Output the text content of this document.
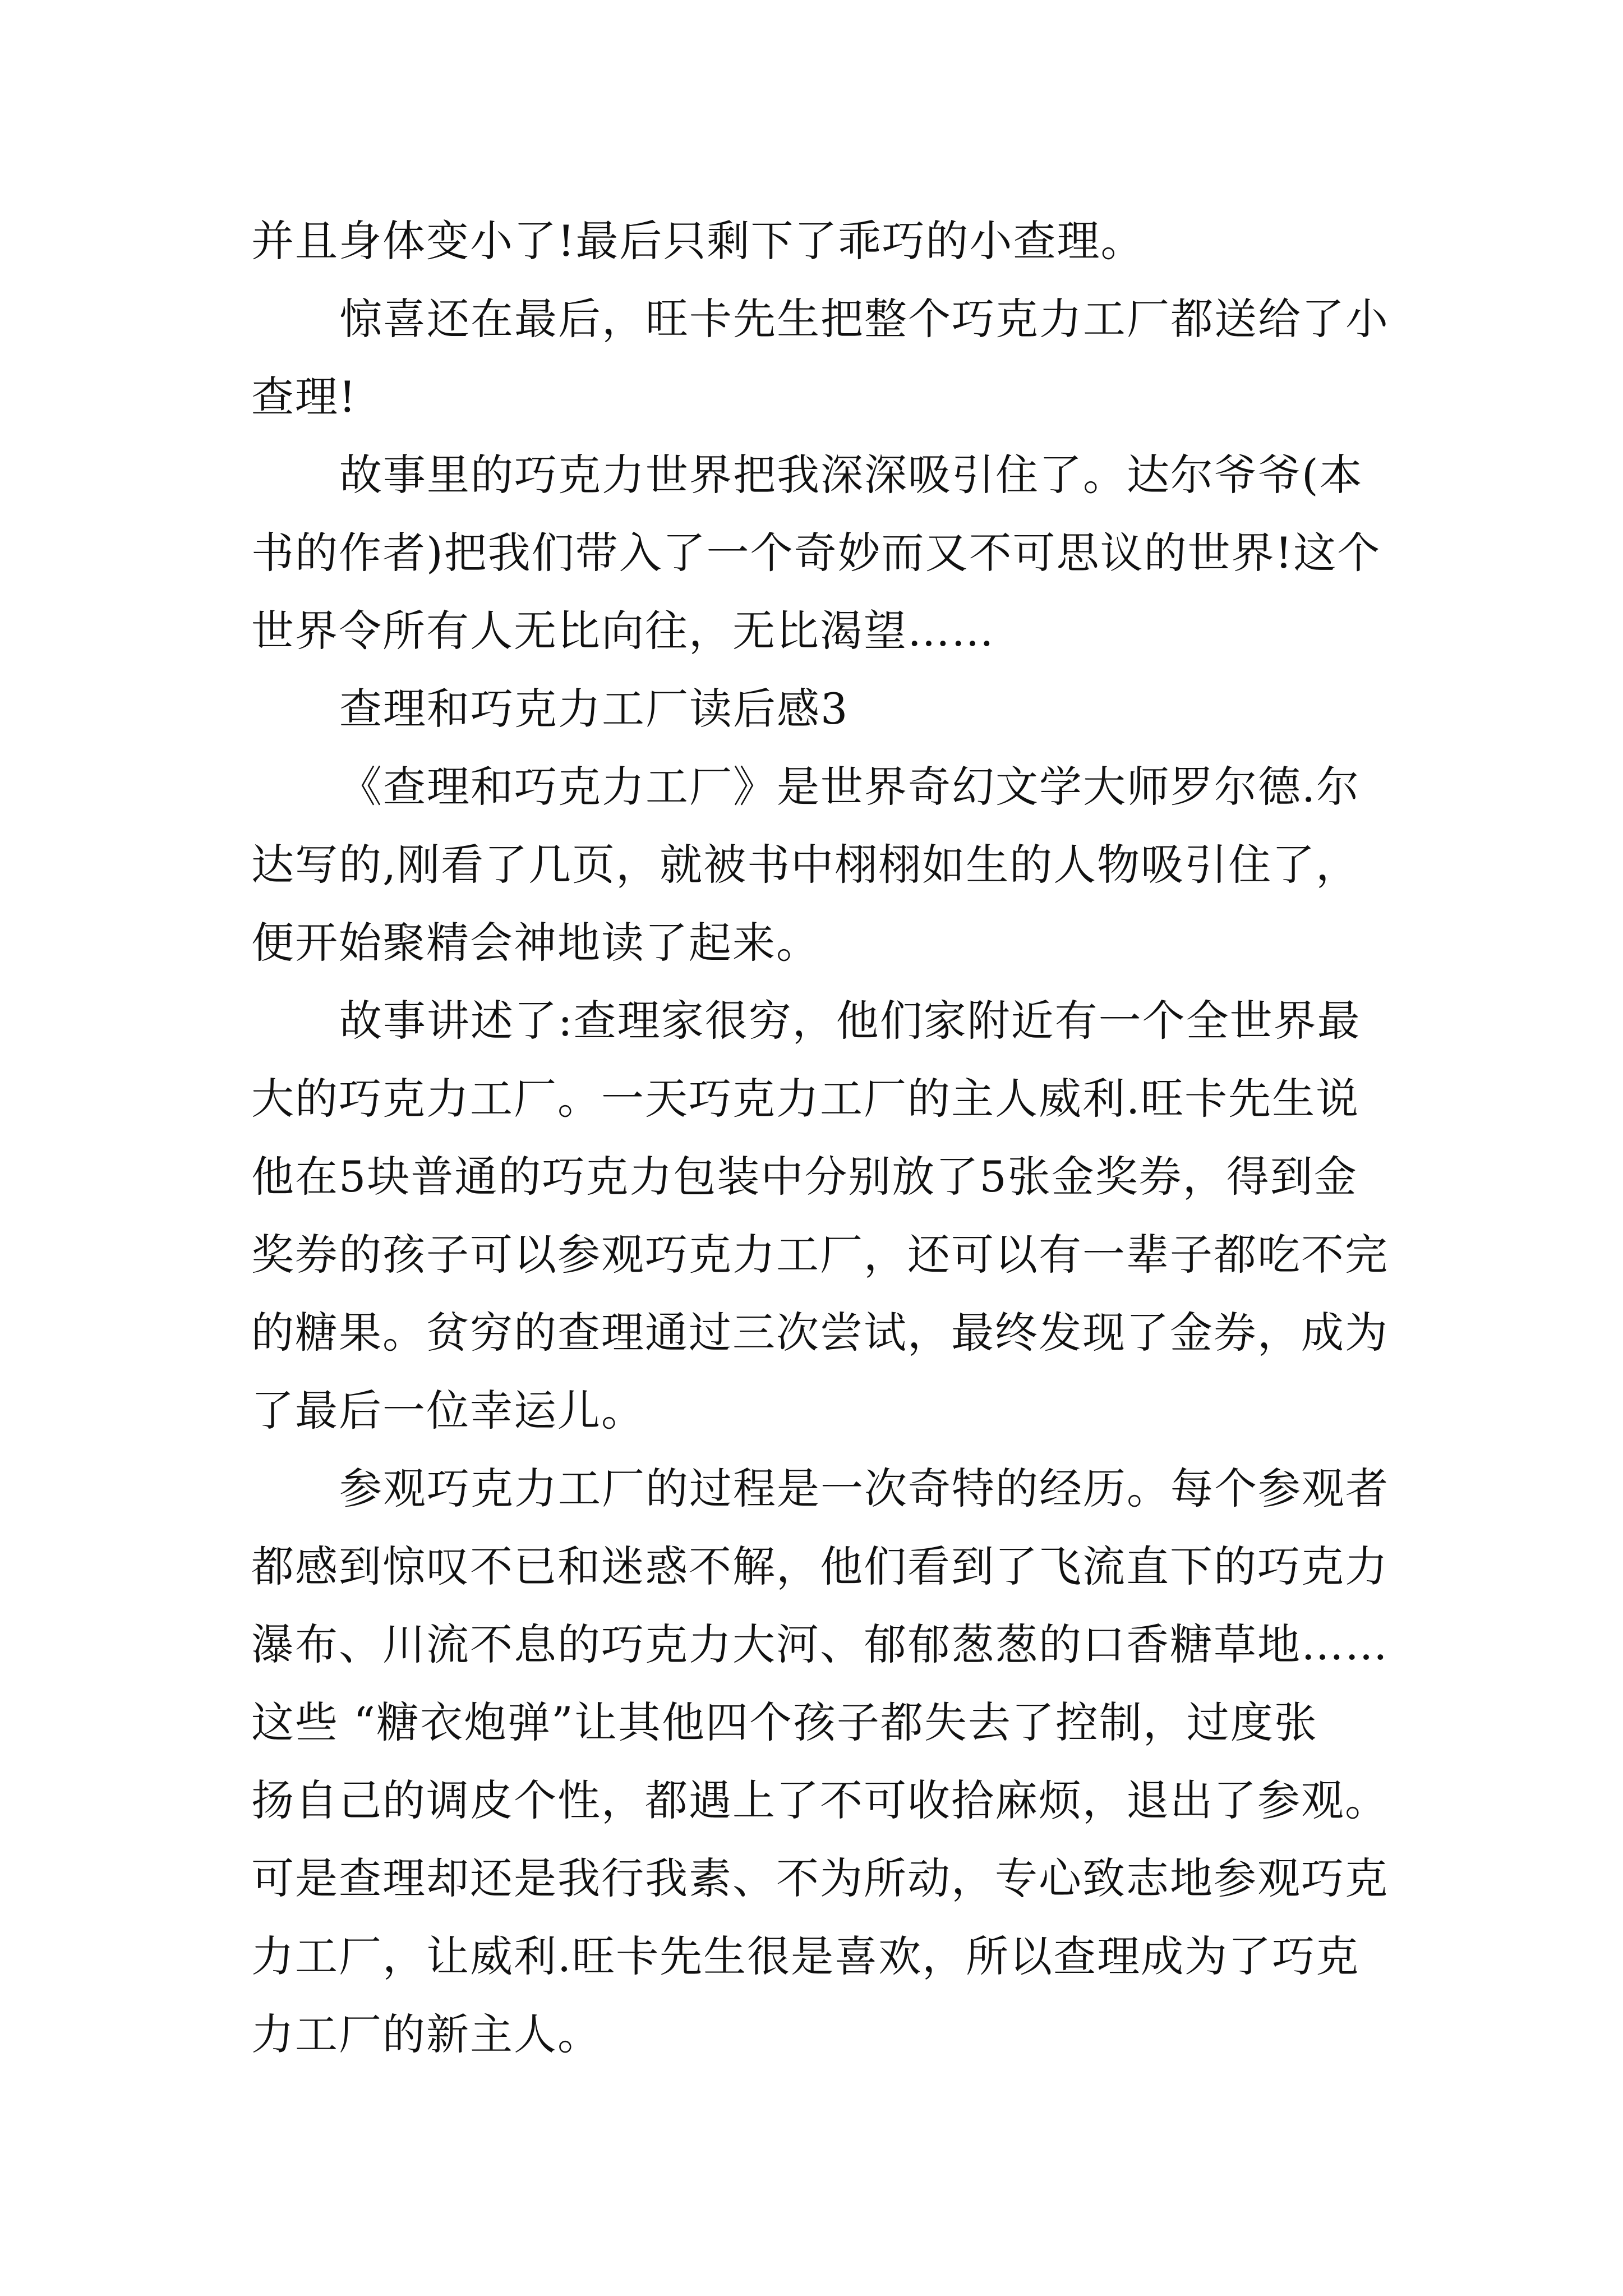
并且身体变小了!最后只剩下了乖巧的小查理。
惊喜还在最后，旺卡先生把整个巧克力工厂都送给了小
查理!
故事里的巧克力世界把我深深吸引住了。达尔爷爷(本
书的作者)把我们带入了一个奇妙而又不可思议的世界!这个
世界令所有人无比向往，无比渴望……
查理和巧克力工厂读后感3
《查理和巧克力工厂》是世界奇幻文学大师罗尔德.尔
达写的,刚看了几页，就被书中栩栩如生的人物吸引住了，
便开始聚精会神地读了起来。
故事讲述了:查理家很穷，他们家附近有一个全世界最
大的巧克力工厂。一天巧克力工厂的主人威利.旺卡先生说
他在5块普通的巧克力包装中分别放了5张金奖券，得到金
奖券的孩子可以参观巧克力工厂，还可以有一辈子都吃不完
的糖果。贫穷的查理通过三次尝试，最终发现了金券，成为
了最后一位幸运儿。
参观巧克力工厂的过程是一次奇特的经历。每个参观者
都感到惊叹不已和迷惑不解，他们看到了飞流直下的巧克力
瀑布、川流不息的巧克力大河、郁郁葱葱的口香糖草地……
这些 “糖衣炮弹”让其他四个孩子都失去了控制，过度张
扬自己的调皮个性，都遇上了不可收拾麻烦，退出了参观。
可是查理却还是我行我素、不为所动，专心致志地参观巧克
力工厂，让威利.旺卡先生很是喜欢，所以查理成为了巧克
力工厂的新主人。
